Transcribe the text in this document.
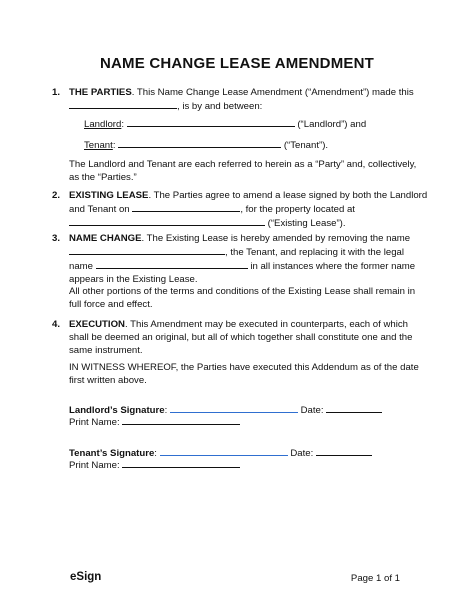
NAME CHANGE LEASE AMENDMENT
1. THE PARTIES. This Name Change Lease Amendment (“Amendment”) made this
, is by and between:
Landlord:	(“Landlord”) and
Tenant:	(“Tenant”).
The Landlord and Tenant are each referred to herein as a “Party” and, collectively, as the “Parties.”
2. EXISTING LEASE. The Parties agree to amend a lease signed by both the Landlord
and Tenant on	, for the property located at
(“Existing Lease”).
3. NAME CHANGE. The Existing Lease is hereby amended by removing the name
, the Tenant, and replacing it with the legal
name	in all instances where the former name
appears in the Existing Lease.
All other portions of the terms and conditions of the Existing Lease shall remain in full force and effect.
4. EXECUTION. This Amendment may be executed in counterparts, each of which shall be deemed an original, but all of which together shall constitute one and the same instrument.
IN WITNESS WHEREOF, the Parties have executed this Addendum as of the date first written above.
Landlord’s Signature:	Date:
Print Name:
Tenant’s Signature:	Date:
Print Name:
eSign	Page 1 of 1
